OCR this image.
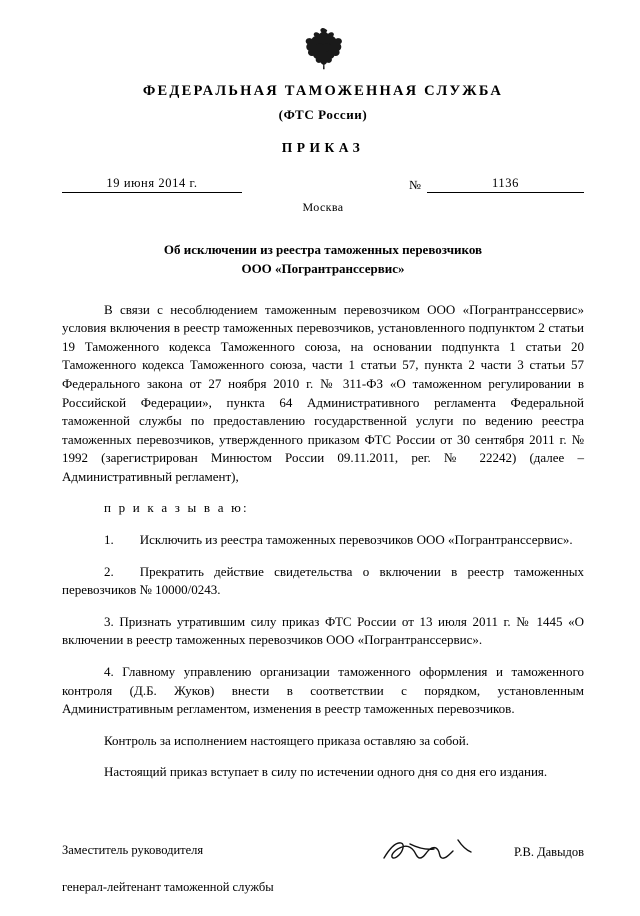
ФЕДЕРАЛЬНАЯ ТАМОЖЕННАЯ СЛУЖБА
(ФТС России)
ПРИКАЗ
19 июня 2014 г.	№	1136
Москва
Об исключении из реестра таможенных перевозчиков
ООО «Погрантранссервис»

В связи с несоблюдением таможенным перевозчиком ООО «Погрантранссервис» условия включения в реестр таможенных перевозчиков, установленного подпунктом 2 статьи 19 Таможенного кодекса Таможенного союза, на основании подпункта 1 статьи 20 Таможенного кодекса Таможенного союза, части 1 статьи 57, пункта 2 части 3 статьи 57 Федерального закона от 27 ноября 2010 г. № 311-ФЗ «О таможенном регулировании в Российской Федерации», пункта 64 Административного регламента Федеральной таможенной службы по предоставлению государственной услуги по ведению реестра таможенных перевозчиков, утвержденного приказом ФТС России от 30 сентября 2011 г. № 1992 (зарегистрирован Минюстом России 09.11.2011, рег. № 22242) (далее – Административный регламент),

п р и к а з ы в а ю:

1.    Исключить из реестра таможенных перевозчиков ООО «Погрантранссервис».

2.    Прекратить действие свидетельства о включении в реестр таможенных перевозчиков № 10000/0243.

3. Признать утратившим силу приказ ФТС России от 13 июля 2011 г. № 1445 «О включении в реестр таможенных перевозчиков ООО «Погрантранссервис».

4. Главному управлению организации таможенного оформления и таможенного контроля (Д.Б. Жуков) внести в соответствии с порядком, установленным Административным регламентом, изменения в реестр таможенных перевозчиков.

Контроль за исполнением настоящего приказа оставляю за собой.

Настоящий приказ вступает в силу по истечении одного дня со дня его издания.

Заместитель руководителя

генерал-лейтенант таможенной службы

Р.В. Давыдов
